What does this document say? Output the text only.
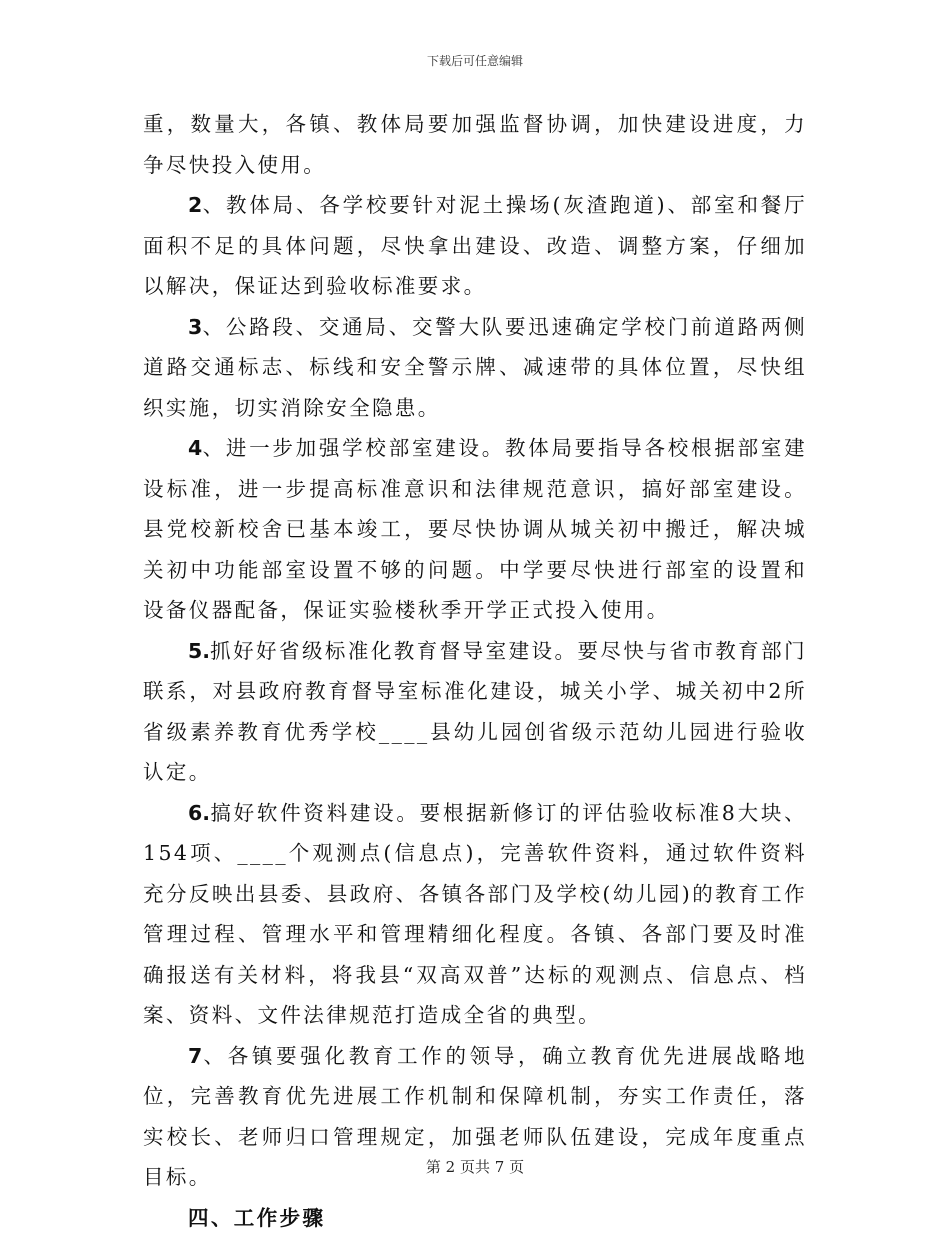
下载后可任意编辑

重，数量大，各镇、教体局要加强监督协调，加快建设进度，力争尽快投入使用。

2、教体局、各学校要针对泥土操场(灰渣跑道)、部室和餐厅面积不足的具体问题，尽快拿出建设、改造、调整方案，仔细加以解决，保证达到验收标准要求。

3、公路段、交通局、交警大队要迅速确定学校门前道路两侧道路交通标志、标线和安全警示牌、减速带的具体位置，尽快组织实施，切实消除安全隐患。

4、进一步加强学校部室建设。教体局要指导各校根据部室建设标准，进一步提高标准意识和法律规范意识，搞好部室建设。县党校新校舍已基本竣工，要尽快协调从城关初中搬迁，解决城关初中功能部室设置不够的问题。中学要尽快进行部室的设置和设备仪器配备，保证实验楼秋季开学正式投入使用。

5.抓好好省级标准化教育督导室建设。要尽快与省市教育部门联系，对县政府教育督导室标准化建设，城关小学、城关初中2所省级素养教育优秀学校____县幼儿园创省级示范幼儿园进行验收认定。

6.搞好软件资料建设。要根据新修订的评估验收标准8大块、154项、____个观测点(信息点)，完善软件资料，通过软件资料充分反映出县委、县政府、各镇各部门及学校(幼儿园)的教育工作管理过程、管理水平和管理精细化程度。各镇、各部门要及时准确报送有关材料，将我县“双高双普”达标的观测点、信息点、档案、资料、文件法律规范打造成全省的典型。

7、各镇要强化教育工作的领导，确立教育优先进展战略地位，完善教育优先进展工作机制和保障机制，夯实工作责任，落实校长、老师归口管理规定，加强老师队伍建设，完成年度重点目标。

四、工作步骤

第 2 页共 7 页
